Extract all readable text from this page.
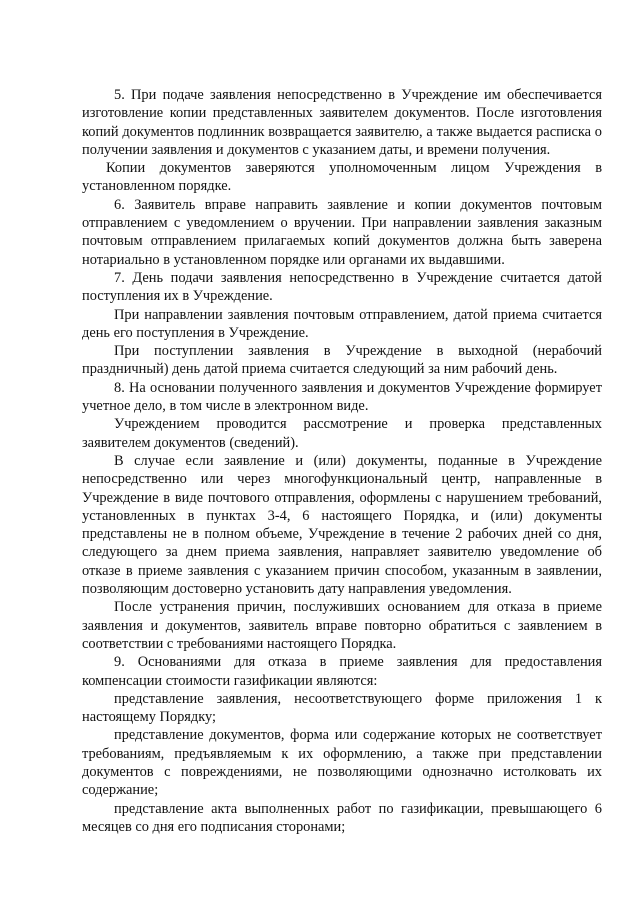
5. При подаче заявления непосредственно в Учреждение им обеспечивается изготовление копии представленных заявителем документов. После изготовления копий документов подлинник возвращается заявителю, а также выдается расписка о получении заявления и документов с указанием даты, и времени получения.

Копии документов заверяются уполномоченным лицом Учреждения в установленном порядке.

6. Заявитель вправе направить заявление и копии документов почтовым отправлением с уведомлением о вручении. При направлении заявления заказным почтовым отправлением прилагаемых копий документов должна быть заверена нотариально в установленном порядке или органами их выдавшими.

7. День подачи заявления непосредственно в Учреждение считается датой поступления их в Учреждение.

При направлении заявления почтовым отправлением, датой приема считается день его поступления в Учреждение.

При поступлении заявления в Учреждение в выходной (нерабочий праздничный) день датой приема считается следующий за ним рабочий день.

8. На основании полученного заявления и документов Учреждение формирует учетное дело, в том числе в электронном виде.

Учреждением проводится рассмотрение и проверка представленных заявителем документов (сведений).

В случае если заявление и (или) документы, поданные в Учреждение непосредственно или через многофункциональный центр, направленные в Учреждение в виде почтового отправления, оформлены с нарушением требований, установленных в пунктах 3-4, 6 настоящего Порядка, и (или) документы представлены не в полном объеме, Учреждение в течение 2 рабочих дней со дня, следующего за днем приема заявления, направляет заявителю уведомление об отказе в приеме заявления с указанием причин способом, указанным в заявлении, позволяющим достоверно установить дату направления уведомления.

После устранения причин, послуживших основанием для отказа в приеме заявления и документов, заявитель вправе повторно обратиться с заявлением в соответствии с требованиями настоящего Порядка.

9. Основаниями для отказа в приеме заявления для предоставления компенсации стоимости газификации являются:

представление заявления, несоответствующего форме приложения 1 к настоящему Порядку;

представление документов, форма или содержание которых не соответствует требованиям, предъявляемым к их оформлению, а также при представлении документов с повреждениями, не позволяющими однозначно истолковать их содержание;

представление акта выполненных работ по газификации, превышающего 6 месяцев со дня его подписания сторонами;
